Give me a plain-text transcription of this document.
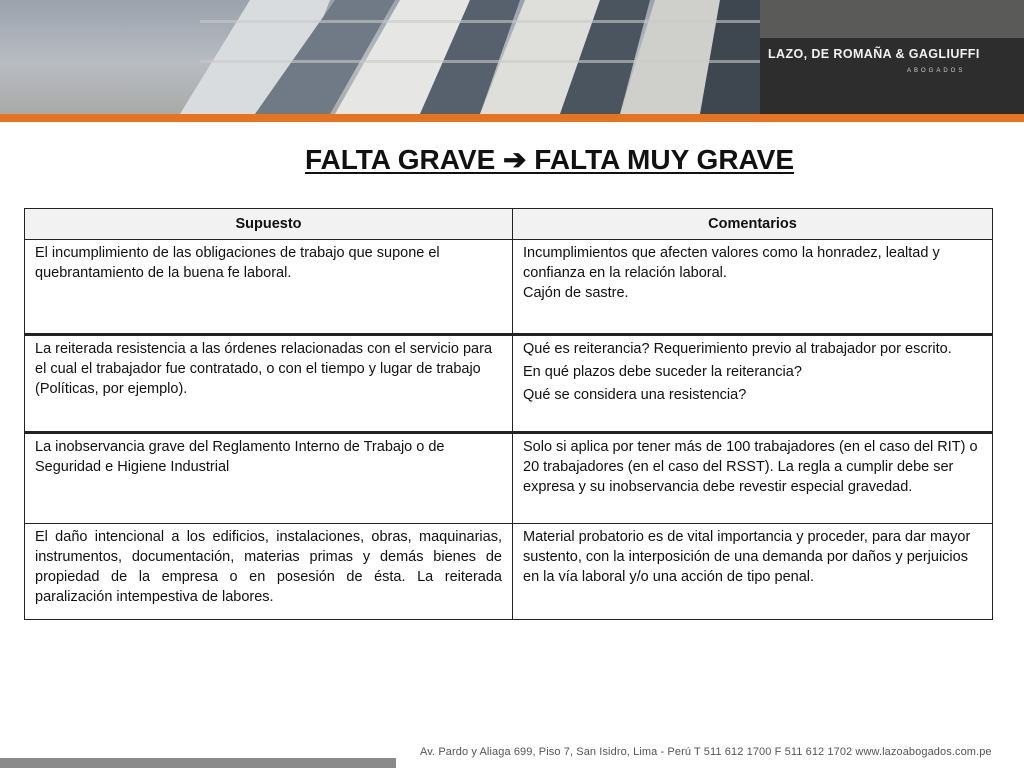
LAZO, DE ROMAÑA & GAGLIUFFI
ABOGADOS
FALTA GRAVE ➔ FALTA MUY GRAVE
Supuesto	Comentarios
El incumplimiento de las obligaciones de trabajo que supone el quebrantamiento de la buena fe laboral.
Incumplimientos que afecten valores como la honradez, lealtad y confianza en la relación laboral.
Cajón de sastre.
La reiterada resistencia a las órdenes relacionadas con el servicio para el cual el trabajador fue contratado, o con el tiempo y lugar de trabajo (Políticas, por ejemplo).
Qué es reiterancia? Requerimiento previo al trabajador por escrito.
En qué plazos debe suceder la reiterancia?
Qué se considera una resistencia?
La inobservancia grave del Reglamento Interno de Trabajo o de Seguridad e Higiene Industrial
Solo si aplica por tener más de 100 trabajadores (en el caso del RIT) o 20 trabajadores (en el caso del RSST). La regla a cumplir debe ser expresa y su inobservancia debe revestir especial gravedad.
El daño intencional a los edificios, instalaciones, obras, maquinarias, instrumentos, documentación, materias primas y demás bienes de propiedad de la empresa o en posesión de ésta. La reiterada paralización intempestiva de labores.
Material probatorio es de vital importancia y proceder, para dar mayor sustento, con la interposición de una demanda por daños y perjuicios en la vía laboral y/o una acción de tipo penal.
Av. Pardo y Aliaga 699, Piso 7, San Isidro, Lima - Perú T 511 612 1700 F 511 612 1702 www.lazoabogados.com.pe
